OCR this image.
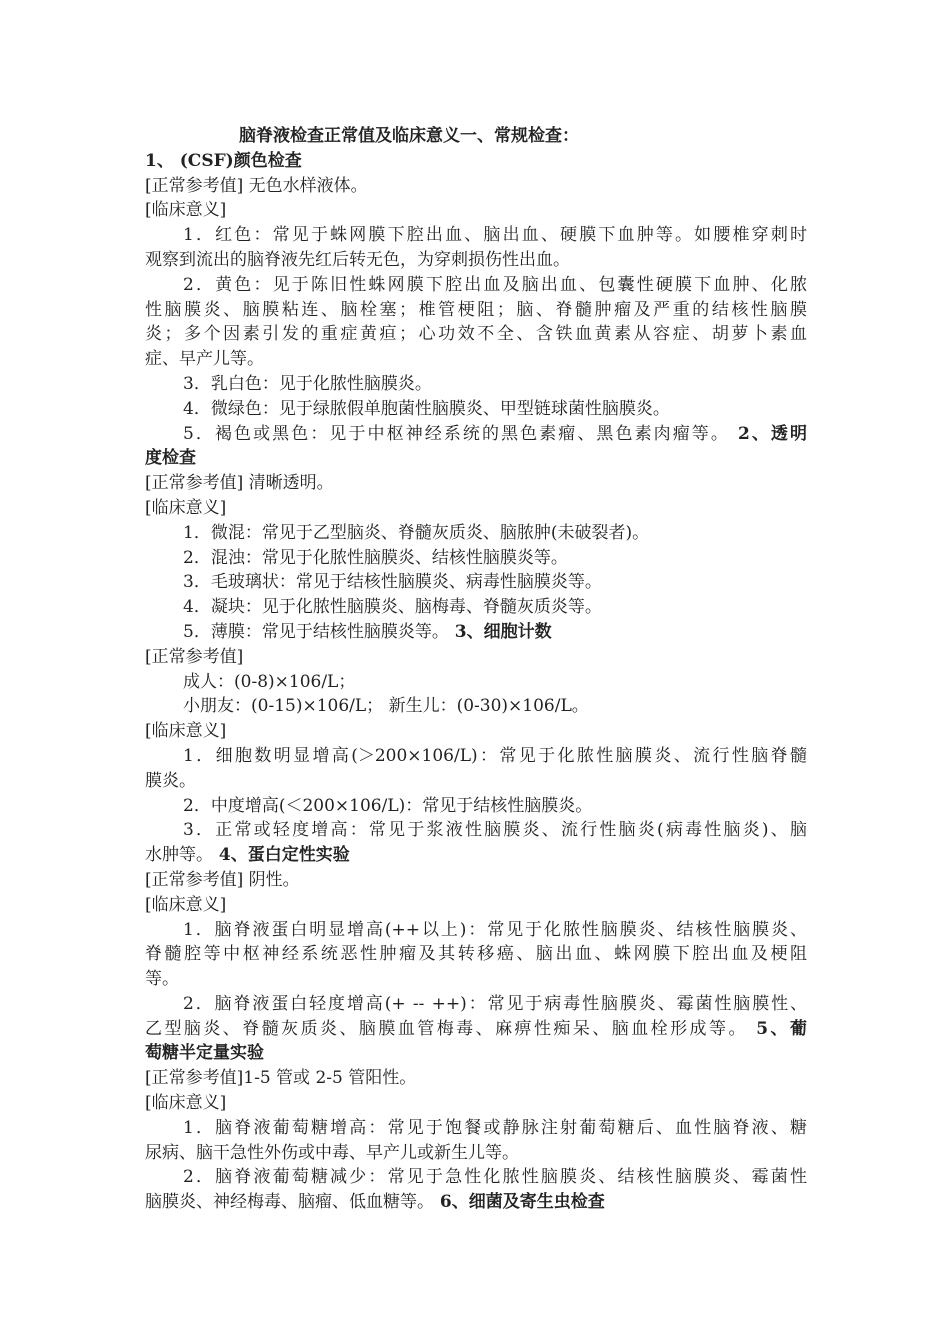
脑脊液检查正常值及临床意义一、常规检查：
1、 (CSF)颜色检查
[正常参考值] 无色水样液体。
[临床意义]
1．红色：常见于蛛网膜下腔出血、脑出血、硬膜下血肿等。如腰椎穿刺时
观察到流出的脑脊液先红后转无色，为穿刺损伤性出血。
2．黄色：见于陈旧性蛛网膜下腔出血及脑出血、包囊性硬膜下血肿、化脓
性脑膜炎、脑膜粘连、脑栓塞；椎管梗阻；脑、脊髓肿瘤及严重的结核性脑膜
炎；多个因素引发的重症黄疸；心功效不全、含铁血黄素从容症、胡萝卜素血
症、早产儿等。
3．乳白色：见于化脓性脑膜炎。
4．微绿色：见于绿脓假单胞菌性脑膜炎、甲型链球菌性脑膜炎。
5．褐色或黑色：见于中枢神经系统的黑色素瘤、黑色素肉瘤等。 2、透明
度检查
[正常参考值] 清晰透明。
[临床意义]
1．微混：常见于乙型脑炎、脊髓灰质炎、脑脓肿(未破裂者)。
2．混浊：常见于化脓性脑膜炎、结核性脑膜炎等。
3．毛玻璃状：常见于结核性脑膜炎、病毒性脑膜炎等。
4．凝块：见于化脓性脑膜炎、脑梅毒、脊髓灰质炎等。
5．薄膜：常见于结核性脑膜炎等。 3、细胞计数
[正常参考值]
成人：(0-8)×106/L；
小朋友：(0-15)×106/L； 新生儿：(0-30)×106/L。
[临床意义]
1．细胞数明显增高(＞200×106/L)：常见于化脓性脑膜炎、流行性脑脊髓
膜炎。
2．中度增高(＜200×106/L)：常见于结核性脑膜炎。
3．正常或轻度增高：常见于浆液性脑膜炎、流行性脑炎(病毒性脑炎)、脑
水肿等。 4、蛋白定性实验
[正常参考值] 阴性。
[临床意义]
1．脑脊液蛋白明显增高(++以上)：常见于化脓性脑膜炎、结核性脑膜炎、
脊髓腔等中枢神经系统恶性肿瘤及其转移癌、脑出血、蛛网膜下腔出血及梗阻
等。
2．脑脊液蛋白轻度增高(+ -- ++)：常见于病毒性脑膜炎、霉菌性脑膜性、
乙型脑炎、脊髓灰质炎、脑膜血管梅毒、麻痹性痴呆、脑血栓形成等。 5、葡
萄糖半定量实验
[正常参考值]1-5 管或 2-5 管阳性。
[临床意义]
1．脑脊液葡萄糖增高：常见于饱餐或静脉注射葡萄糖后、血性脑脊液、糖
尿病、脑干急性外伤或中毒、早产儿或新生儿等。
2．脑脊液葡萄糖减少：常见于急性化脓性脑膜炎、结核性脑膜炎、霉菌性
脑膜炎、神经梅毒、脑瘤、低血糖等。 6、细菌及寄生虫检查
